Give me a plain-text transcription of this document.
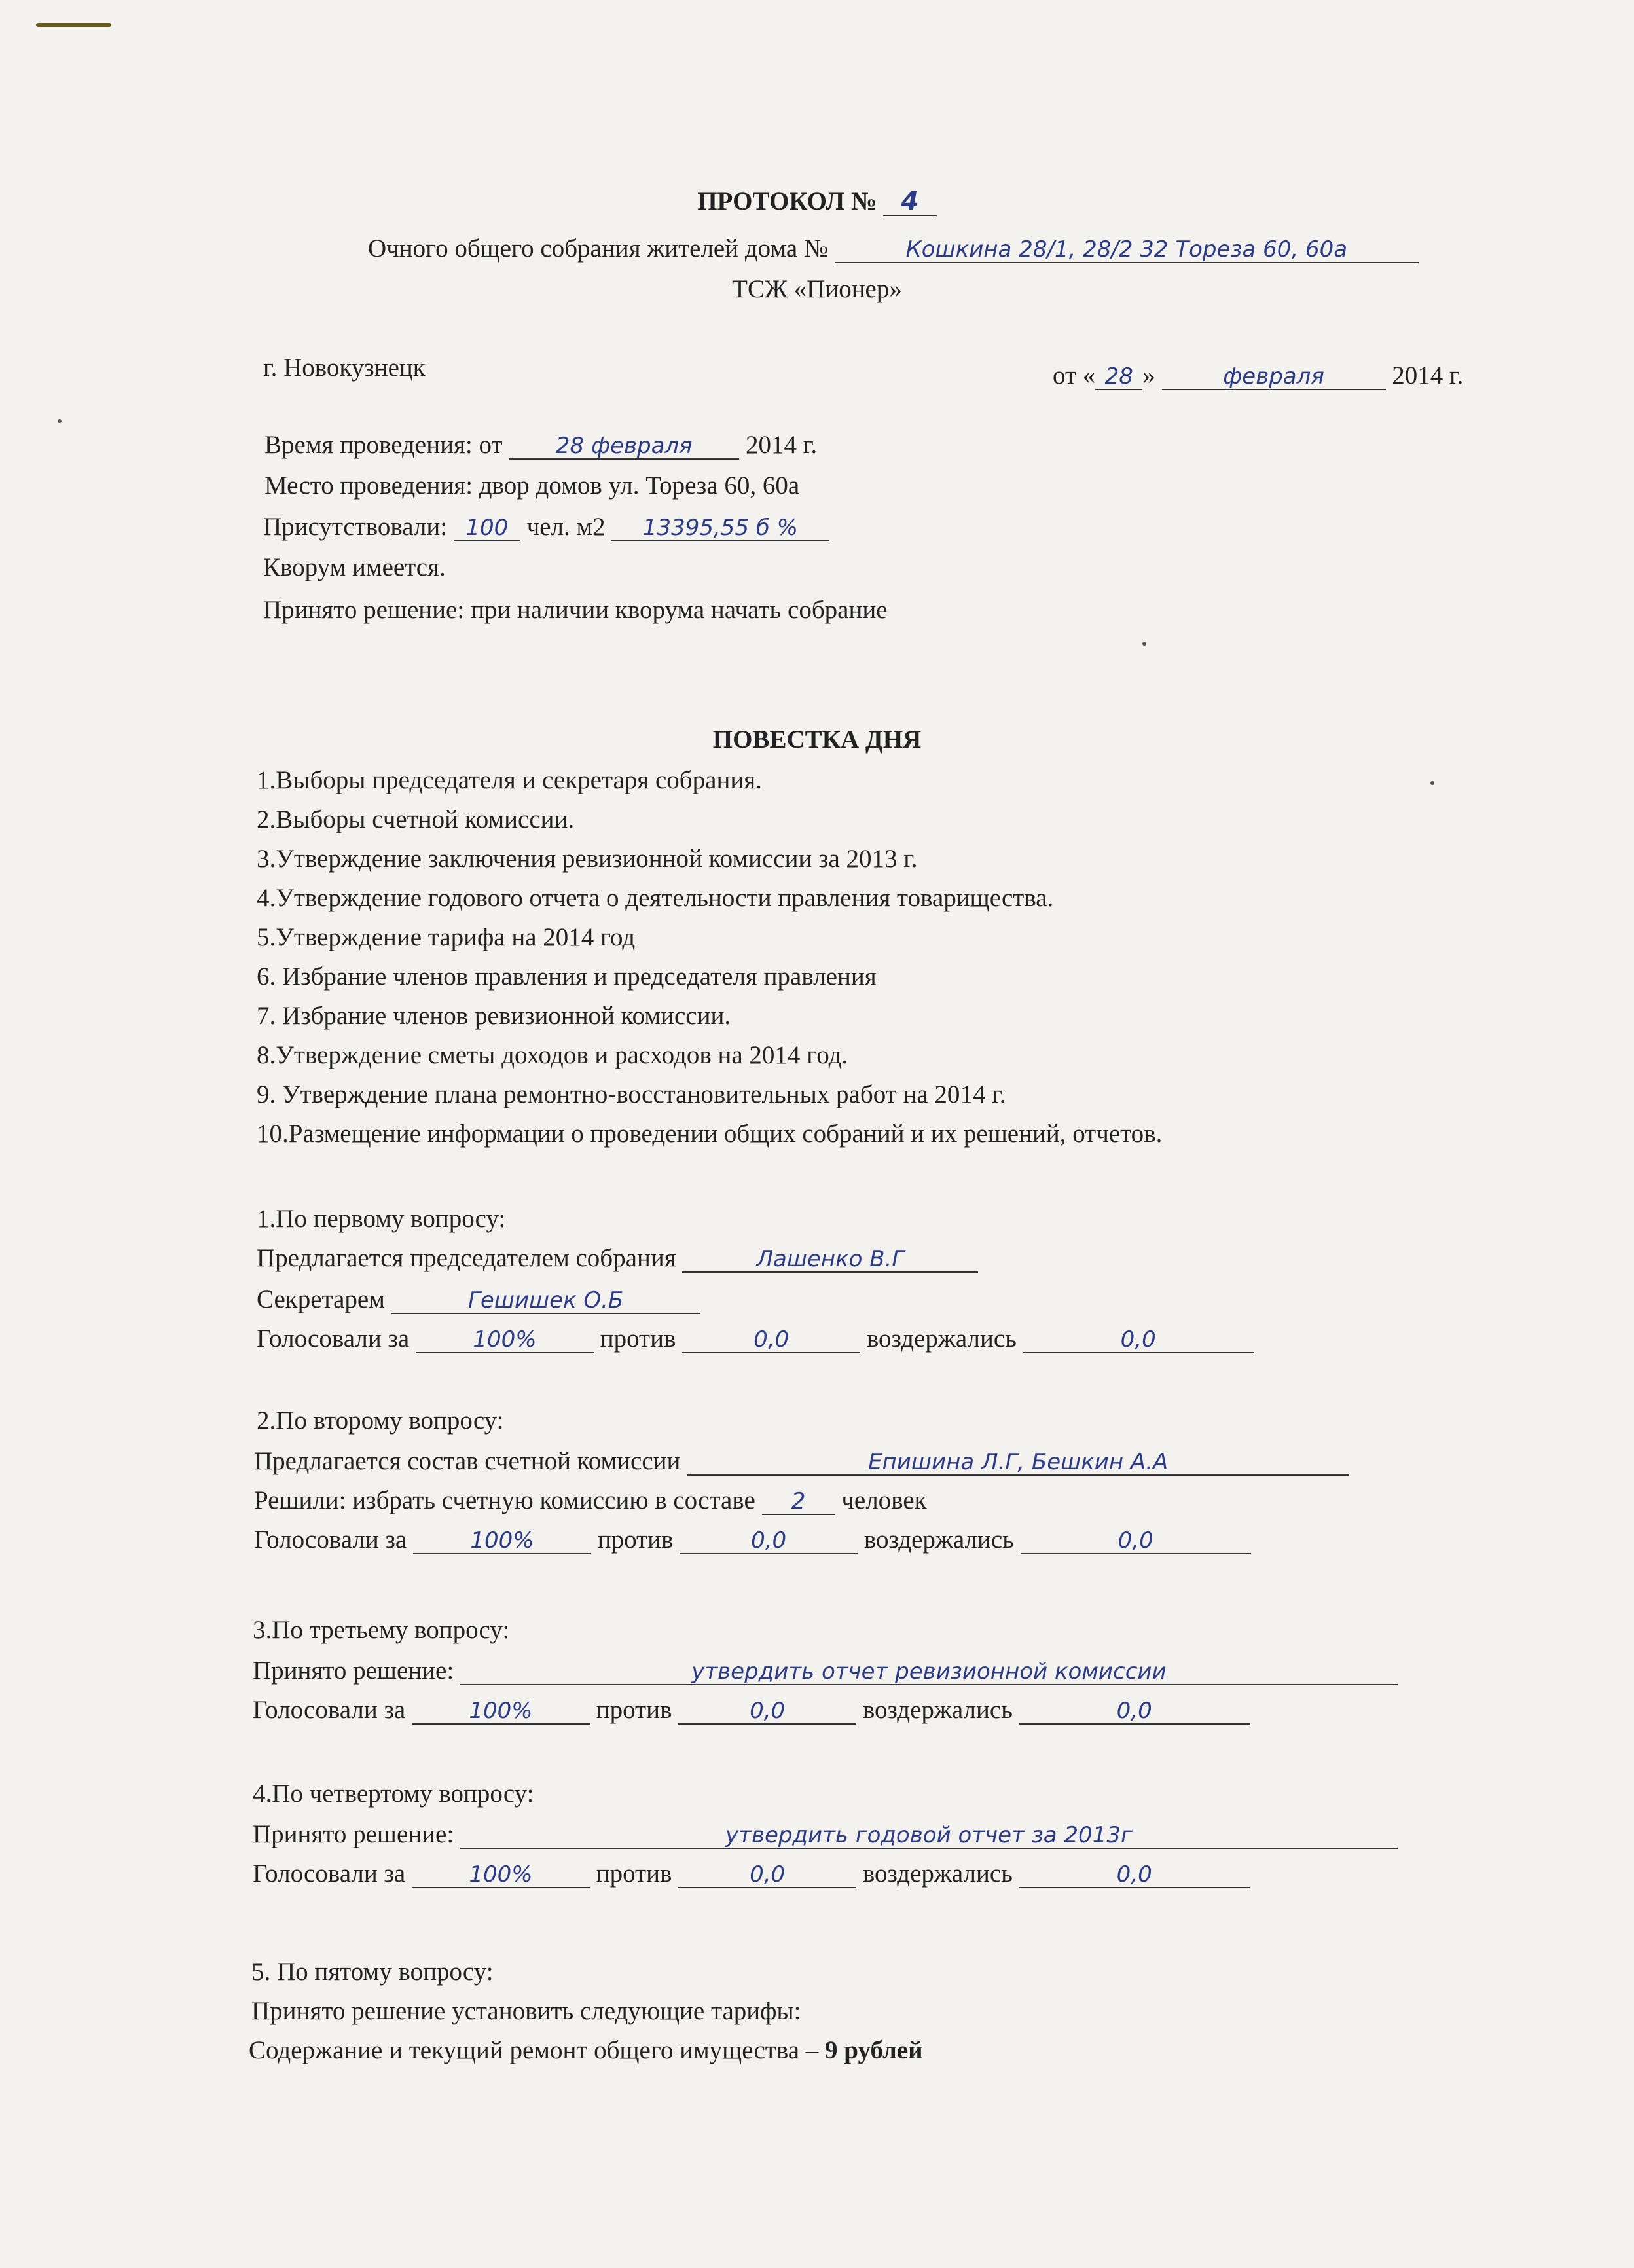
ПРОТОКОЛ № 4
Очного общего собрания жителей дома №	Кошкина 28/1, 28/2 32 Тореза 60, 60а
ТСЖ «Пионер»
г. Новокузнецк	от « 28 »	февраля	2014 г.
Время проведения: от 28 февраля 2014 г.
Место проведения: двор домов ул. Тореза 60, 60а
Присутствовали: 100 чел. м2 13395,55 б %
Кворум имеется.
Принято решение: при наличии кворума начать собрание
ПОВЕСТКА ДНЯ
1.Выборы председателя и секретаря собрания.
2.Выборы счетной комиссии.
3.Утверждение заключения ревизионной комиссии за 2013 г.
4.Утверждение годового отчета о деятельности правления товарищества.
5.Утверждение тарифа на 2014 год
6. Избрание членов правления и председателя правления
7. Избрание членов ревизионной комиссии.
8.Утверждение сметы доходов и расходов на 2014 год.
9. Утверждение плана ремонтно-восстановительных работ на 2014 г.
10.Размещение информации о проведении общих собраний и их решений, отчетов.
1.По первому вопросу:
Предлагается председателем собрания	Лашенко В.Г
Секретарем	Гешишек О.Б
Голосовали за	100% против	0,0	воздержались	0,0
2.По второму вопросу:
Предлагается состав счетной комиссии	Епишина Л.Г, Бешкин А.А
Решили: избрать счетную комиссию в составе 2 человек
Голосовали за	100% против	0,0	воздержались	0,0
3.По третьему вопросу:
Принято решение:	утвердить отчет ревизионной комиссии
Голосовали за	100% против	0,0	воздержались	0,0
4.По четвертому вопросу:
Принято решение:	утвердить годовой отчет за 2013г
Голосовали за	100% против	0,0	воздержались	0,0
5. По пятому вопросу:
Принято решение установить следующие тарифы:
Содержание и текущий ремонт общего имущества – 9 рублей
